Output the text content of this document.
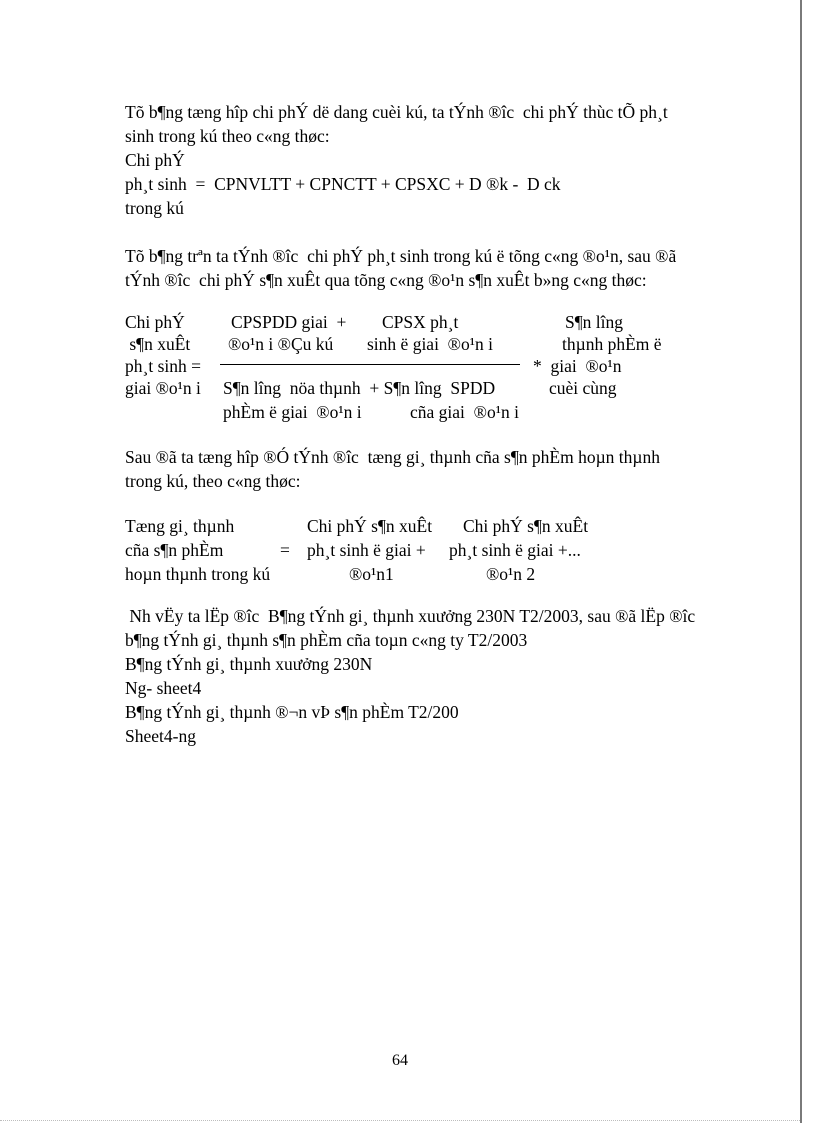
Tõ b¶ng tæng hîp chi phÝ dë dang cuèi kú, ta tÝnh ®îc  chi phÝ thùc tÕ ph¸t
sinh trong kú theo c«ng thøc:
Chi phÝ
ph¸t sinh  =  CPNVLTT + CPNCTT + CPSXC + D ®k -  D ck
trong kú
Tõ b¶ng trªn ta tÝnh ®îc  chi phÝ ph¸t sinh trong kú ë tõng c«ng ®o¹n, sau ®ã
tÝnh ®îc  chi phÝ s¶n xuÊt qua tõng c«ng ®o¹n s¶n xuÊt b»ng c«ng thøc:
Chi phÝ
s¶n xuÊt
ph¸t sinh =
giai ®o¹n i
CPSPDD giai  +
®o¹n i ®Çu kú
CPSX ph¸t
sinh ë giai  ®o¹n i
S¶n lîng  nöa thµnh  + S¶n lîng  SPDD
phÈm ë giai  ®o¹n i	cña giai  ®o¹n i
*  giai  ®o¹n
S¶n lîng
thµnh phÈm ë
cuèi cùng
Sau ®ã ta tæng hîp ®Ó tÝnh ®îc  tæng gi¸ thµnh cña s¶n phÈm hoµn thµnh
trong kú, theo c«ng thøc:
Tæng gi¸ thµnh
cña s¶n phÈm
hoµn thµnh trong kú
=
Chi phÝ s¶n xuÊt
ph¸t sinh ë giai +
®o¹n1
Chi phÝ s¶n xuÊt
ph¸t sinh ë giai +...
®o¹n 2
Nh vËy ta lËp ®îc  B¶ng tÝnh gi¸ thµnh xuưởng 230N T2/2003, sau ®ã lËp ®îc
b¶ng tÝnh gi¸ thµnh s¶n phÈm cña toµn c«ng ty T2/2003
B¶ng tÝnh gi¸ thµnh xuưởng 230N
Ng- sheet4
B¶ng tÝnh gi¸ thµnh ®¬n vÞ s¶n phÈm T2/200
Sheet4-ng
64
